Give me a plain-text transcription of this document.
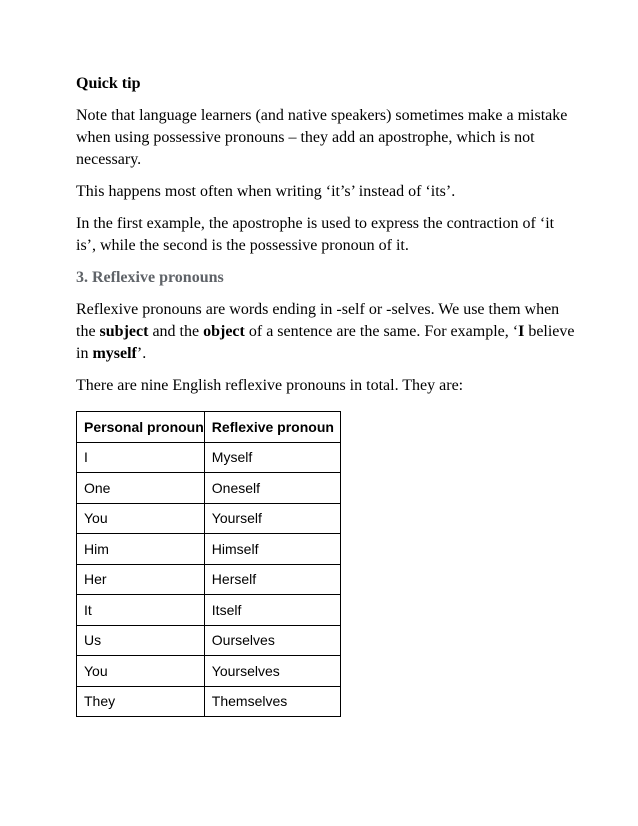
Quick tip

Note that language learners (and native speakers) sometimes make a mistake when using possessive pronouns – they add an apostrophe, which is not necessary.

This happens most often when writing ‘it’s’ instead of ‘its’.

In the first example, the apostrophe is used to express the contraction of ‘it is’, while the second is the possessive pronoun of it.

3. Reflexive pronouns

Reflexive pronouns are words ending in -self or -selves. We use them when the subject and the object of a sentence are the same. For example, ‘I believe in myself’.

There are nine English reflexive pronouns in total. They are:

Personal pronoun	Reflexive pronoun
I	Myself
One	Oneself
You	Yourself
Him	Himself
Her	Herself
It	Itself
Us	Ourselves
You	Yourselves
They	Themselves
